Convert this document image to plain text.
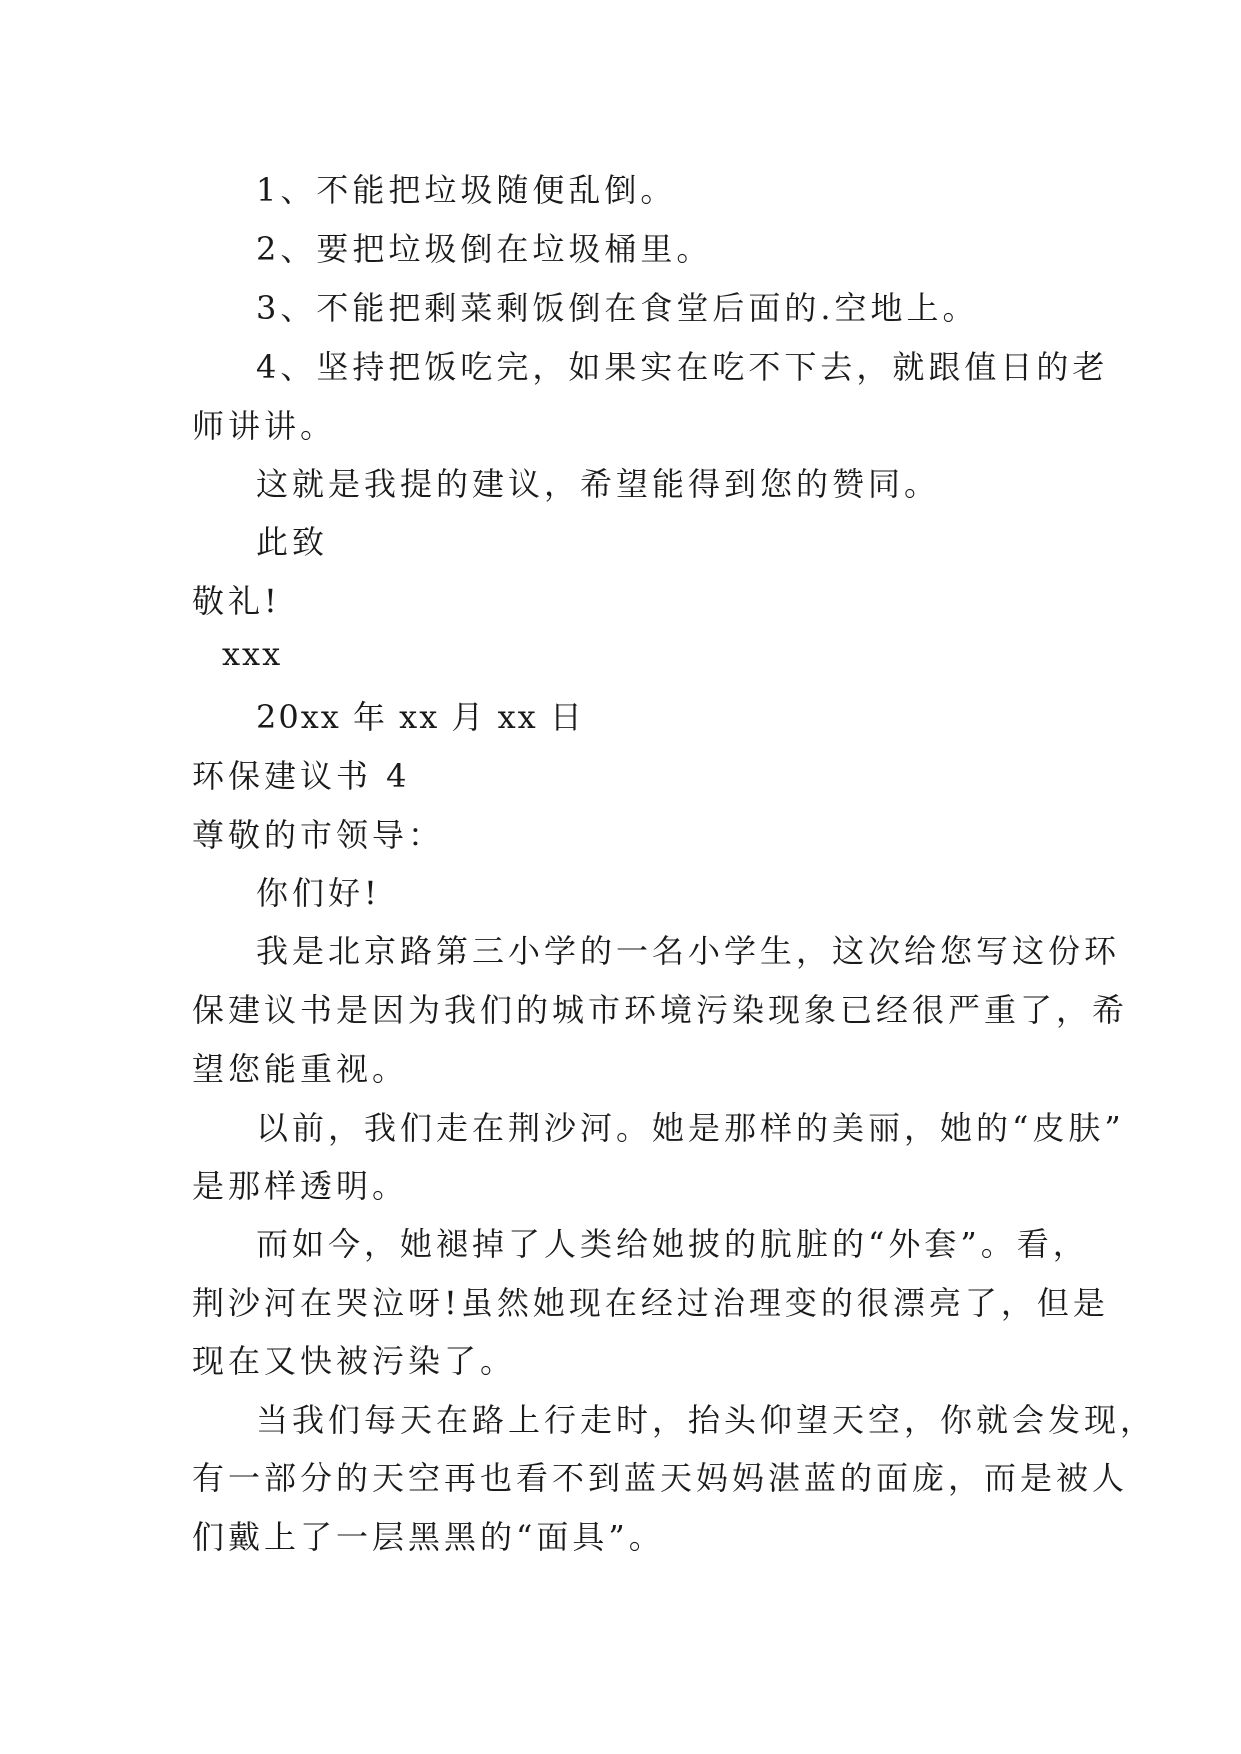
1、不能把垃圾随便乱倒。
2、要把垃圾倒在垃圾桶里。
3、不能把剩菜剩饭倒在食堂后面的.空地上。
4、坚持把饭吃完，如果实在吃不下去，就跟值日的老
师讲讲。
这就是我提的建议，希望能得到您的赞同。
此致
敬礼!
xxx
20xx 年 xx 月 xx 日
环保建议书 4
尊敬的市领导：
你们好!
我是北京路第三小学的一名小学生，这次给您写这份环
保建议书是因为我们的城市环境污染现象已经很严重了，希
望您能重视。
以前，我们走在荆沙河。她是那样的美丽，她的“皮肤”
是那样透明。
而如今，她褪掉了人类给她披的肮脏的“外套”。看，
荆沙河在哭泣呀!虽然她现在经过治理变的很漂亮了，但是
现在又快被污染了。
当我们每天在路上行走时，抬头仰望天空，你就会发现，
有一部分的天空再也看不到蓝天妈妈湛蓝的面庞，而是被人
们戴上了一层黑黑的“面具”。
